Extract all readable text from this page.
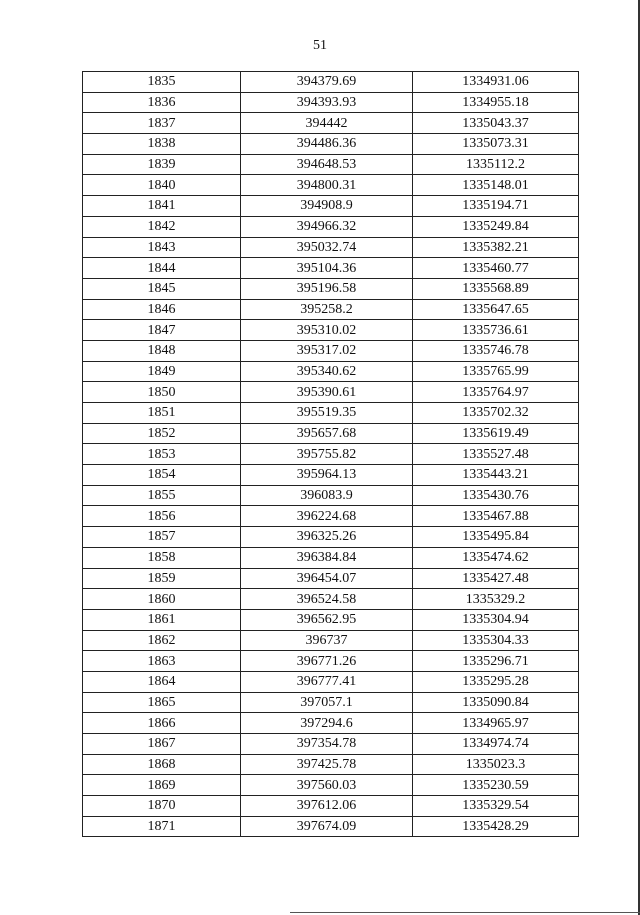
51
1835	394379.69	1334931.06
1836	394393.93	1334955.18
1837	394442	1335043.37
1838	394486.36	1335073.31
1839	394648.53	1335112.2
1840	394800.31	1335148.01
1841	394908.9	1335194.71
1842	394966.32	1335249.84
1843	395032.74	1335382.21
1844	395104.36	1335460.77
1845	395196.58	1335568.89
1846	395258.2	1335647.65
1847	395310.02	1335736.61
1848	395317.02	1335746.78
1849	395340.62	1335765.99
1850	395390.61	1335764.97
1851	395519.35	1335702.32
1852	395657.68	1335619.49
1853	395755.82	1335527.48
1854	395964.13	1335443.21
1855	396083.9	1335430.76
1856	396224.68	1335467.88
1857	396325.26	1335495.84
1858	396384.84	1335474.62
1859	396454.07	1335427.48
1860	396524.58	1335329.2
1861	396562.95	1335304.94
1862	396737	1335304.33
1863	396771.26	1335296.71
1864	396777.41	1335295.28
1865	397057.1	1335090.84
1866	397294.6	1334965.97
1867	397354.78	1334974.74
1868	397425.78	1335023.3
1869	397560.03	1335230.59
1870	397612.06	1335329.54
1871	397674.09	1335428.29
